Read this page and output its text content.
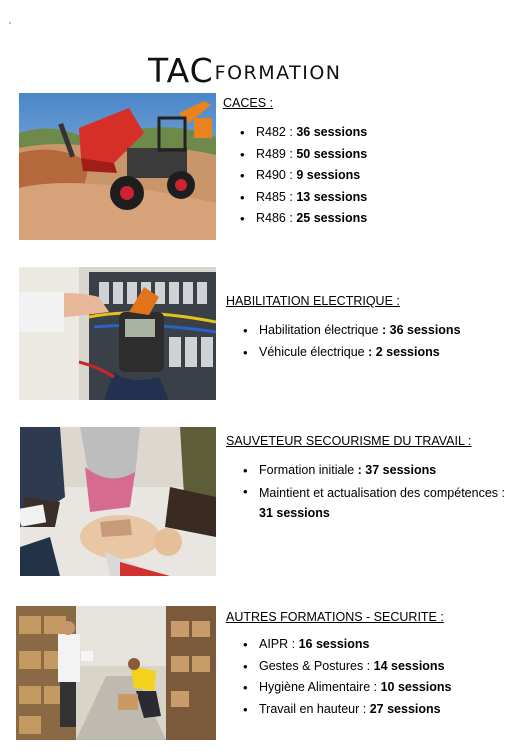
TAC FORMATION
CACES :
• R482 : 36 sessions
• R489 : 50 sessions
• R490 : 9 sessions
• R485 : 13 sessions
• R486 : 25 sessions
HABILITATION ELECTRIQUE :
• Habilitation électrique : 36 sessions
• Véhicule électrique : 2 sessions
SAUVETEUR SECOURISME DU TRAVAIL :
• Formation initiale : 37 sessions
• Maintient et actualisation des compétences : 31 sessions
AUTRES FORMATIONS - SECURITE :
• AIPR : 16 sessions
• Gestes & Postures : 14 sessions
• Hygiène Alimentaire : 10 sessions
• Travail en hauteur : 27 sessions
